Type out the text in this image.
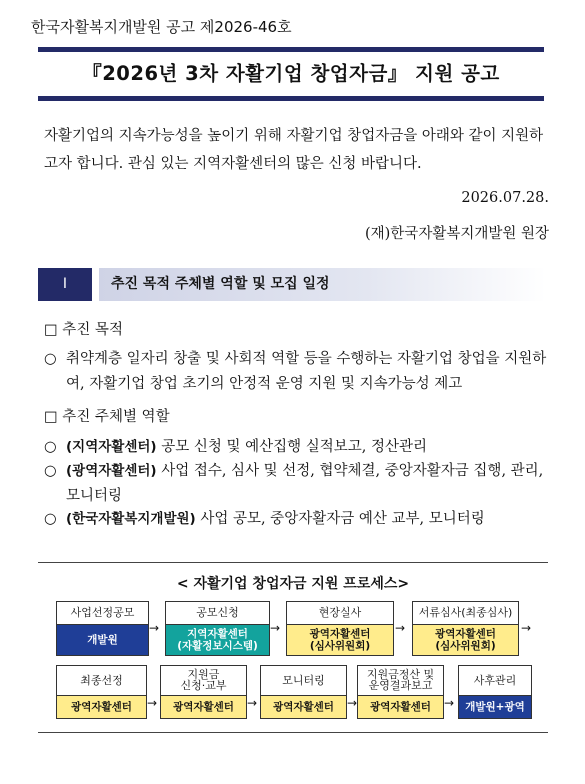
한국자활복지개발원 공고 제2026-46호
『2026년 3차 자활기업 창업자금』 지원 공고
자활기업의 지속가능성을 높이기 위해 자활기업 창업자금을 아래와 같이 지원하고자 합니다. 관심 있는 지역자활센터의 많은 신청 바랍니다.
2026.07.28.
(재)한국자활복지개발원 원장
Ⅰ	추진 목적 주체별 역할 및 모집 일정
□ 추진 목적
○ 취약계층 일자리 창출 및 사회적 역할 등을 수행하는 자활기업 창업을 지원하여, 자활기업 창업 초기의 안정적 운영 지원 및 지속가능성 제고
□ 추진 주체별 역할
○ (지역자활센터) 공모 신청 및 예산집행 실적보고, 정산관리
○ (광역자활센터) 사업 접수, 심사 및 선정, 협약체결, 중앙자활자금 집행, 관리, 모니터링
○ (한국자활복지개발원) 사업 공모, 중앙자활자금 예산 교부, 모니터링
< 자활기업 창업자금 지원 프로세스>
사업선정공모
개발원
→
공모신청
지역자활센터
(자활정보시스템)
→
현장실사
광역자활센터
(심사위원회)
→
서류심사(최종심사)
광역자활센터
(심사위원회)
→
최종선정
광역자활센터	→
지원금
신청·교부
광역자활센터	→
모니터링
광역자활센터	→
지원금정산 및
운영결과보고
광역자활센터	→
사후관리
개발원+광역
